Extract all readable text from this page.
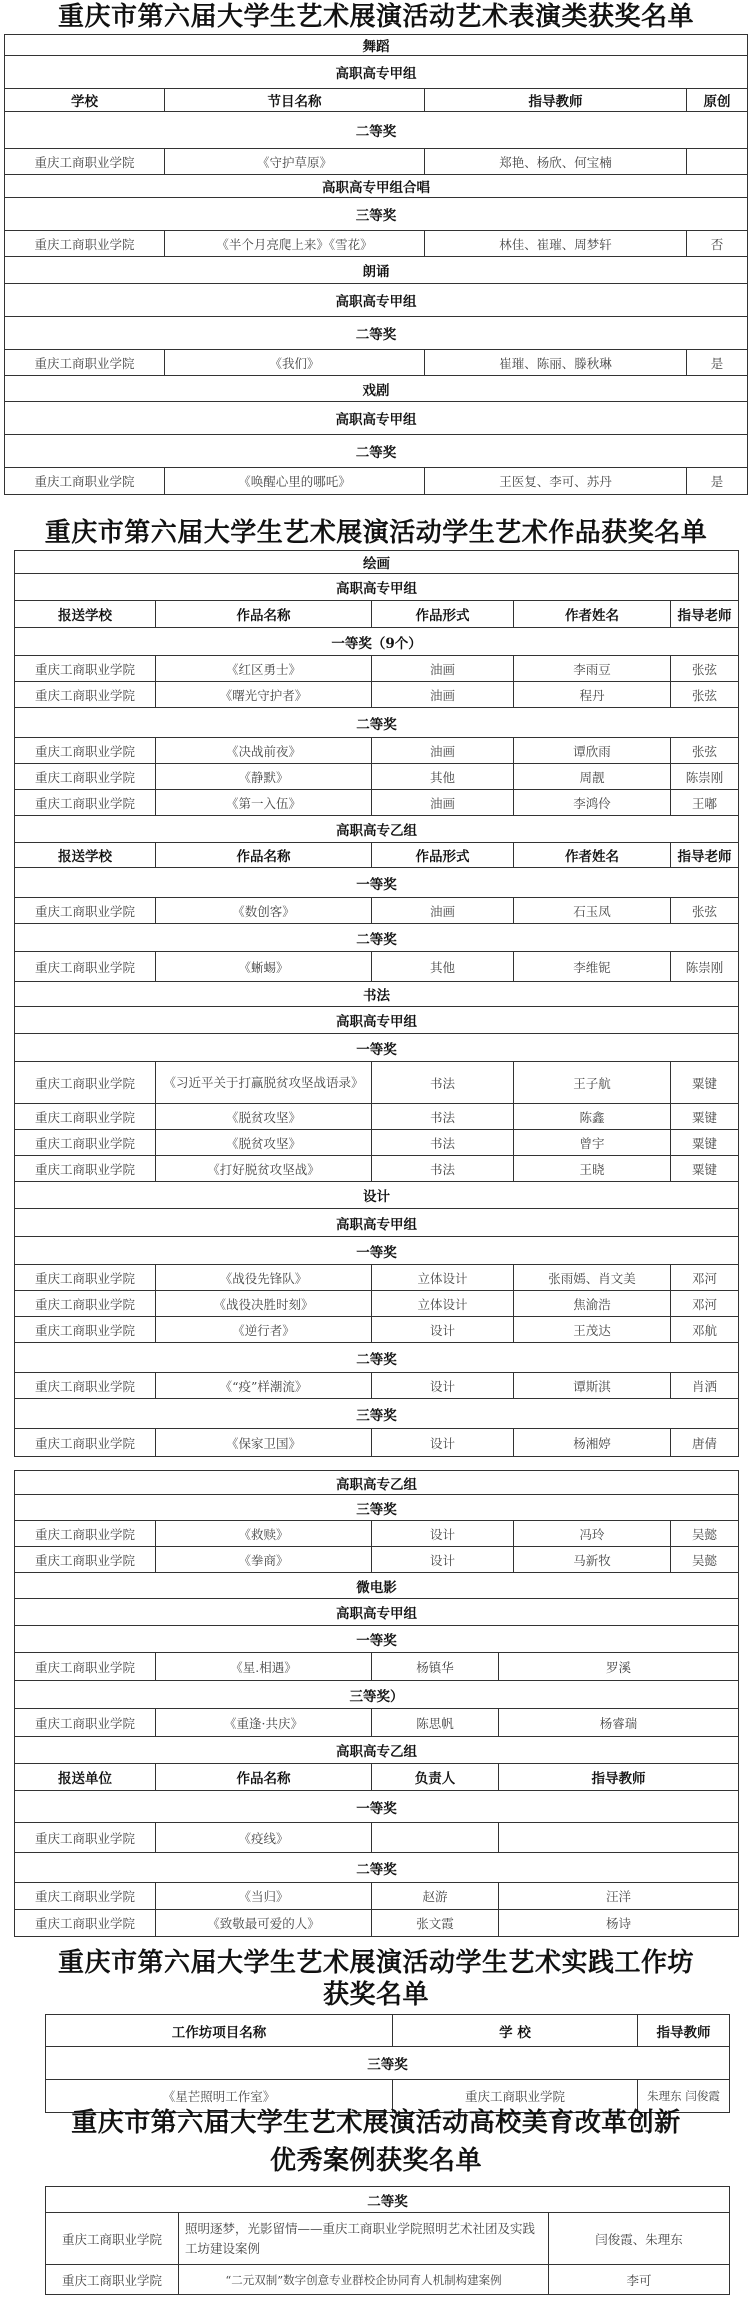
重庆市第六届大学生艺术展演活动艺术表演类获奖名单
舞蹈			
高职高专甲组			
学校	节目名称	指导教师	原创
二等奖			
重庆工商职业学院	《守护草原》	郑艳、杨欣、何宝楠	
高职高专甲组合唱			
三等奖			
重庆工商职业学院	《半个月亮爬上来》《雪花》	林佳、崔璀、周梦轩	否
朗诵			
高职高专甲组			
二等奖			
重庆工商职业学院	《我们》	崔璀、陈丽、滕秋琳	是
戏剧			
高职高专甲组			
二等奖			
重庆工商职业学院	《唤醒心里的哪吒》	王医复、李可、苏丹	是
重庆市第六届大学生艺术展演活动学生艺术作品获奖名单
绘画				
高职高专甲组				
报送学校	作品名称	作品形式	作者姓名	指导老师
一等奖（9个）				
重庆工商职业学院	《红区勇士》	油画	李雨豆	张弦
重庆工商职业学院	《曙光守护者》	油画	程丹	张弦
二等奖				
重庆工商职业学院	《决战前夜》	油画	谭欣雨	张弦
重庆工商职业学院	《静默》	其他	周靓	陈崇刚
重庆工商职业学院	《第一入伍》	油画	李鸿伶	王嘟
高职高专乙组				
报送学校	作品名称	作品形式	作者姓名	指导老师
一等奖				
重庆工商职业学院	《数创客》	油画	石玉凤	张弦
二等奖				
重庆工商职业学院	《蜥蜴》	其他	李维铌	陈崇刚
书法				
高职高专甲组				
一等奖				
重庆工商职业学院	《习近平关于打赢脱贫攻坚战语录》	书法	王子航	粟键
重庆工商职业学院	《脱贫攻坚》	书法	陈鑫	粟键
重庆工商职业学院	《脱贫攻坚》	书法	曾宇	粟键
重庆工商职业学院	《打好脱贫攻坚战》	书法	王晓	粟键
设计				
高职高专甲组				
一等奖				
重庆工商职业学院	《战役先锋队》	立体设计	张雨嫣、肖文美	邓河
重庆工商职业学院	《战役决胜时刻》	立体设计	焦渝浩	邓河
重庆工商职业学院	《逆行者》	设计	王茂达	邓航
二等奖				
重庆工商职业学院	《“疫”样潮流》	设计	谭斯淇	肖洒
三等奖				
重庆工商职业学院	《保家卫国》	设计	杨湘婷	唐倩
高职高专乙组				
三等奖				
重庆工商职业学院	《救赎》	设计	冯玲	吴懿
重庆工商职业学院	《拳商》	设计	马新牧	吴懿
微电影			
高职高专甲组			
一等奖			
重庆工商职业学院	《星.相遇》	杨镇华	罗溪
三等奖）			
重庆工商职业学院	《重逢·共庆》	陈思帆	杨睿瑞
高职高专乙组			
报送单位	作品名称	负责人	指导教师
一等奖			
重庆工商职业学院	《疫线》		
二等奖			
重庆工商职业学院	《当归》	赵游	汪洋
重庆工商职业学院	《致敬最可爱的人》	张文霞	杨诗
重庆市第六届大学生艺术展演活动学生艺术实践工作坊
获奖名单
工作坊项目名称	学 校	指导教师
三等奖		
《星芒照明工作室》	重庆工商职业学院	朱理东 闫俊霞
重庆市第六届大学生艺术展演活动高校美育改革创新
优秀案例获奖名单
二等奖		
重庆工商职业学院	照明逐梦，光影留情——重庆工商职业学院照明艺术社团及实践工坊建设案例	闫俊霞、朱理东
重庆工商职业学院	“二元双制”数字创意专业群校企协同育人机制构建案例	李可
